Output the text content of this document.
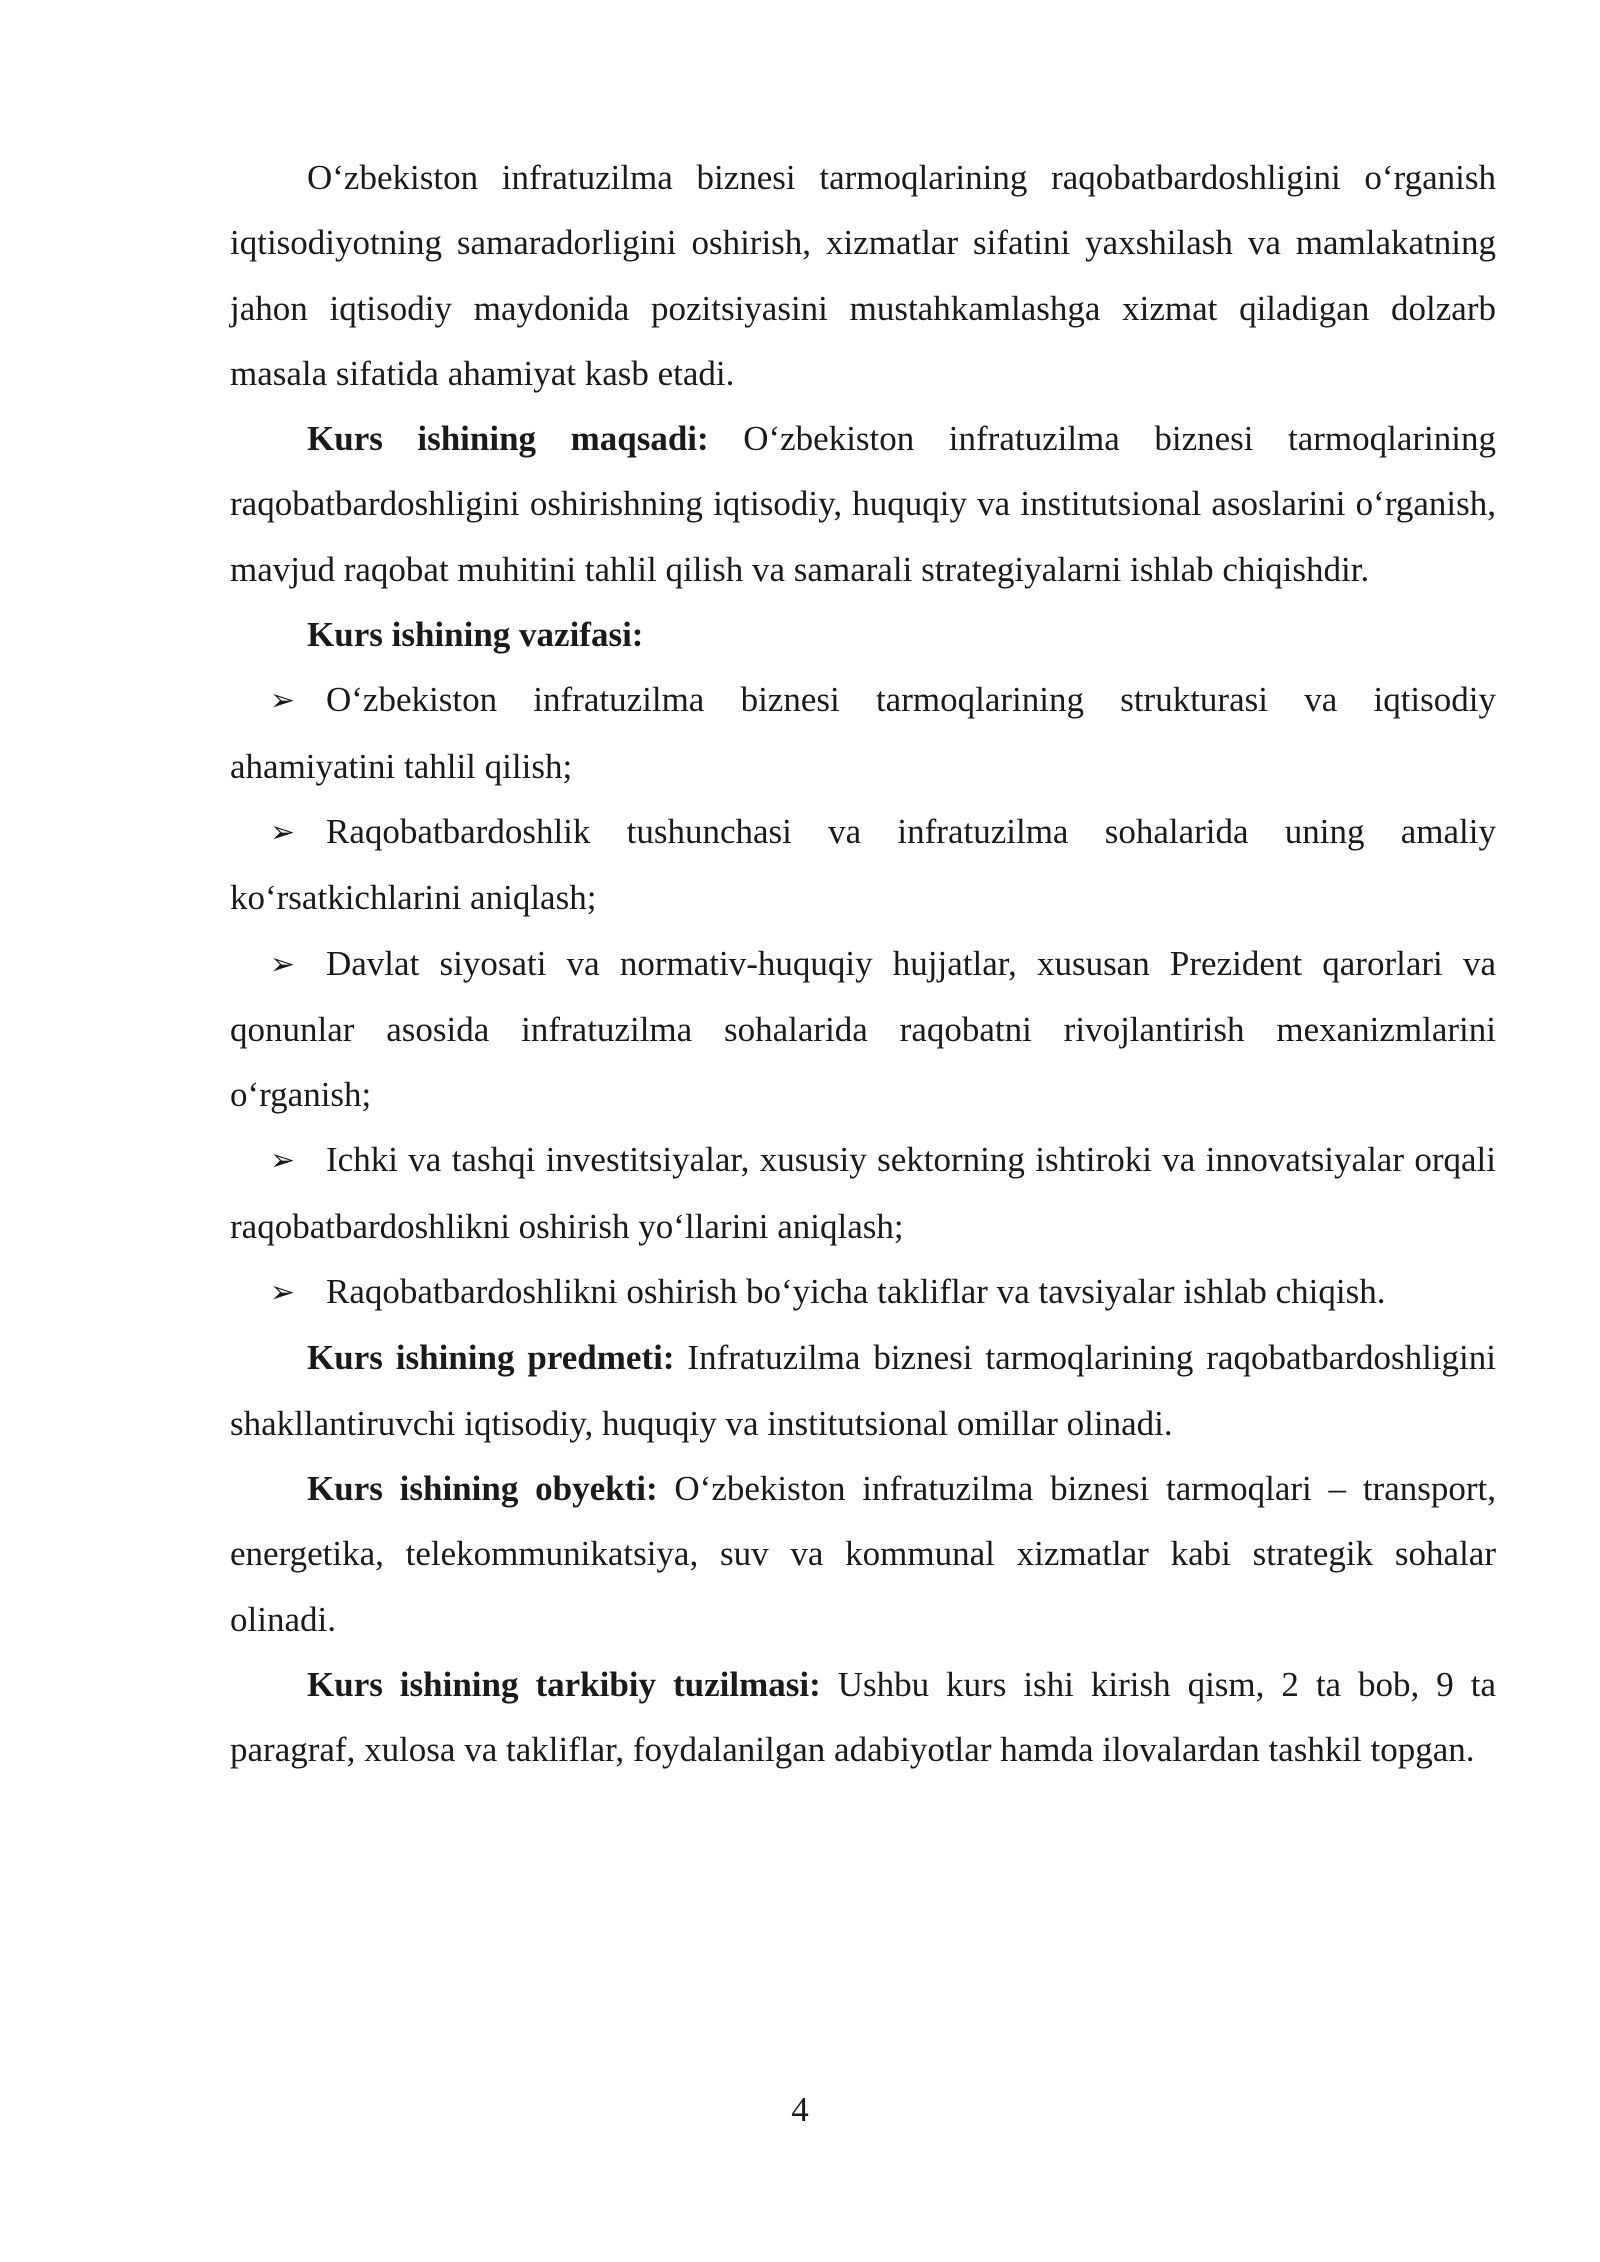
O‘zbekiston infratuzilma biznesi tarmoqlarining raqobatbardoshligini o‘rganish iqtisodiyotning samaradorligini oshirish, xizmatlar sifatini yaxshilash va mamlakatning jahon iqtisodiy maydonida pozitsiyasini mustahkamlashga xizmat qiladigan dolzarb masala sifatida ahamiyat kasb etadi.

Kurs ishining maqsadi: O‘zbekiston infratuzilma biznesi tarmoqlarining raqobatbardoshligini oshirishning iqtisodiy, huquqiy va institutsional asoslarini o‘rganish, mavjud raqobat muhitini tahlil qilish va samarali strategiyalarni ishlab chiqishdir.

Kurs ishining vazifasi:

➢ O‘zbekiston infratuzilma biznesi tarmoqlarining strukturasi va iqtisodiy ahamiyatini tahlil qilish;

➢ Raqobatbardoshlik tushunchasi va infratuzilma sohalarida uning amaliy ko‘rsatkichlarini aniqlash;

➢ Davlat siyosati va normativ-huquqiy hujjatlar, xususan Prezident qarorlari va qonunlar asosida infratuzilma sohalarida raqobatni rivojlantirish mexanizmlarini o‘rganish;

➢ Ichki va tashqi investitsiyalar, xususiy sektorning ishtiroki va innovatsiyalar orqali raqobatbardoshlikni oshirish yo‘llarini aniqlash;

➢ Raqobatbardoshlikni oshirish bo‘yicha takliflar va tavsiyalar ishlab chiqish.

Kurs ishining predmeti: Infratuzilma biznesi tarmoqlarining raqobatbardoshligini shakllantiruvchi iqtisodiy, huquqiy va institutsional omillar olinadi.

Kurs ishining obyekti: O‘zbekiston infratuzilma biznesi tarmoqlari – transport, energetika, telekommunikatsiya, suv va kommunal xizmatlar kabi strategik sohalar olinadi.

Kurs ishining tarkibiy tuzilmasi: Ushbu kurs ishi kirish qism, 2 ta bob, 9 ta paragraf, xulosa va takliflar, foydalanilgan adabiyotlar hamda ilovalardan tashkil topgan.

4
